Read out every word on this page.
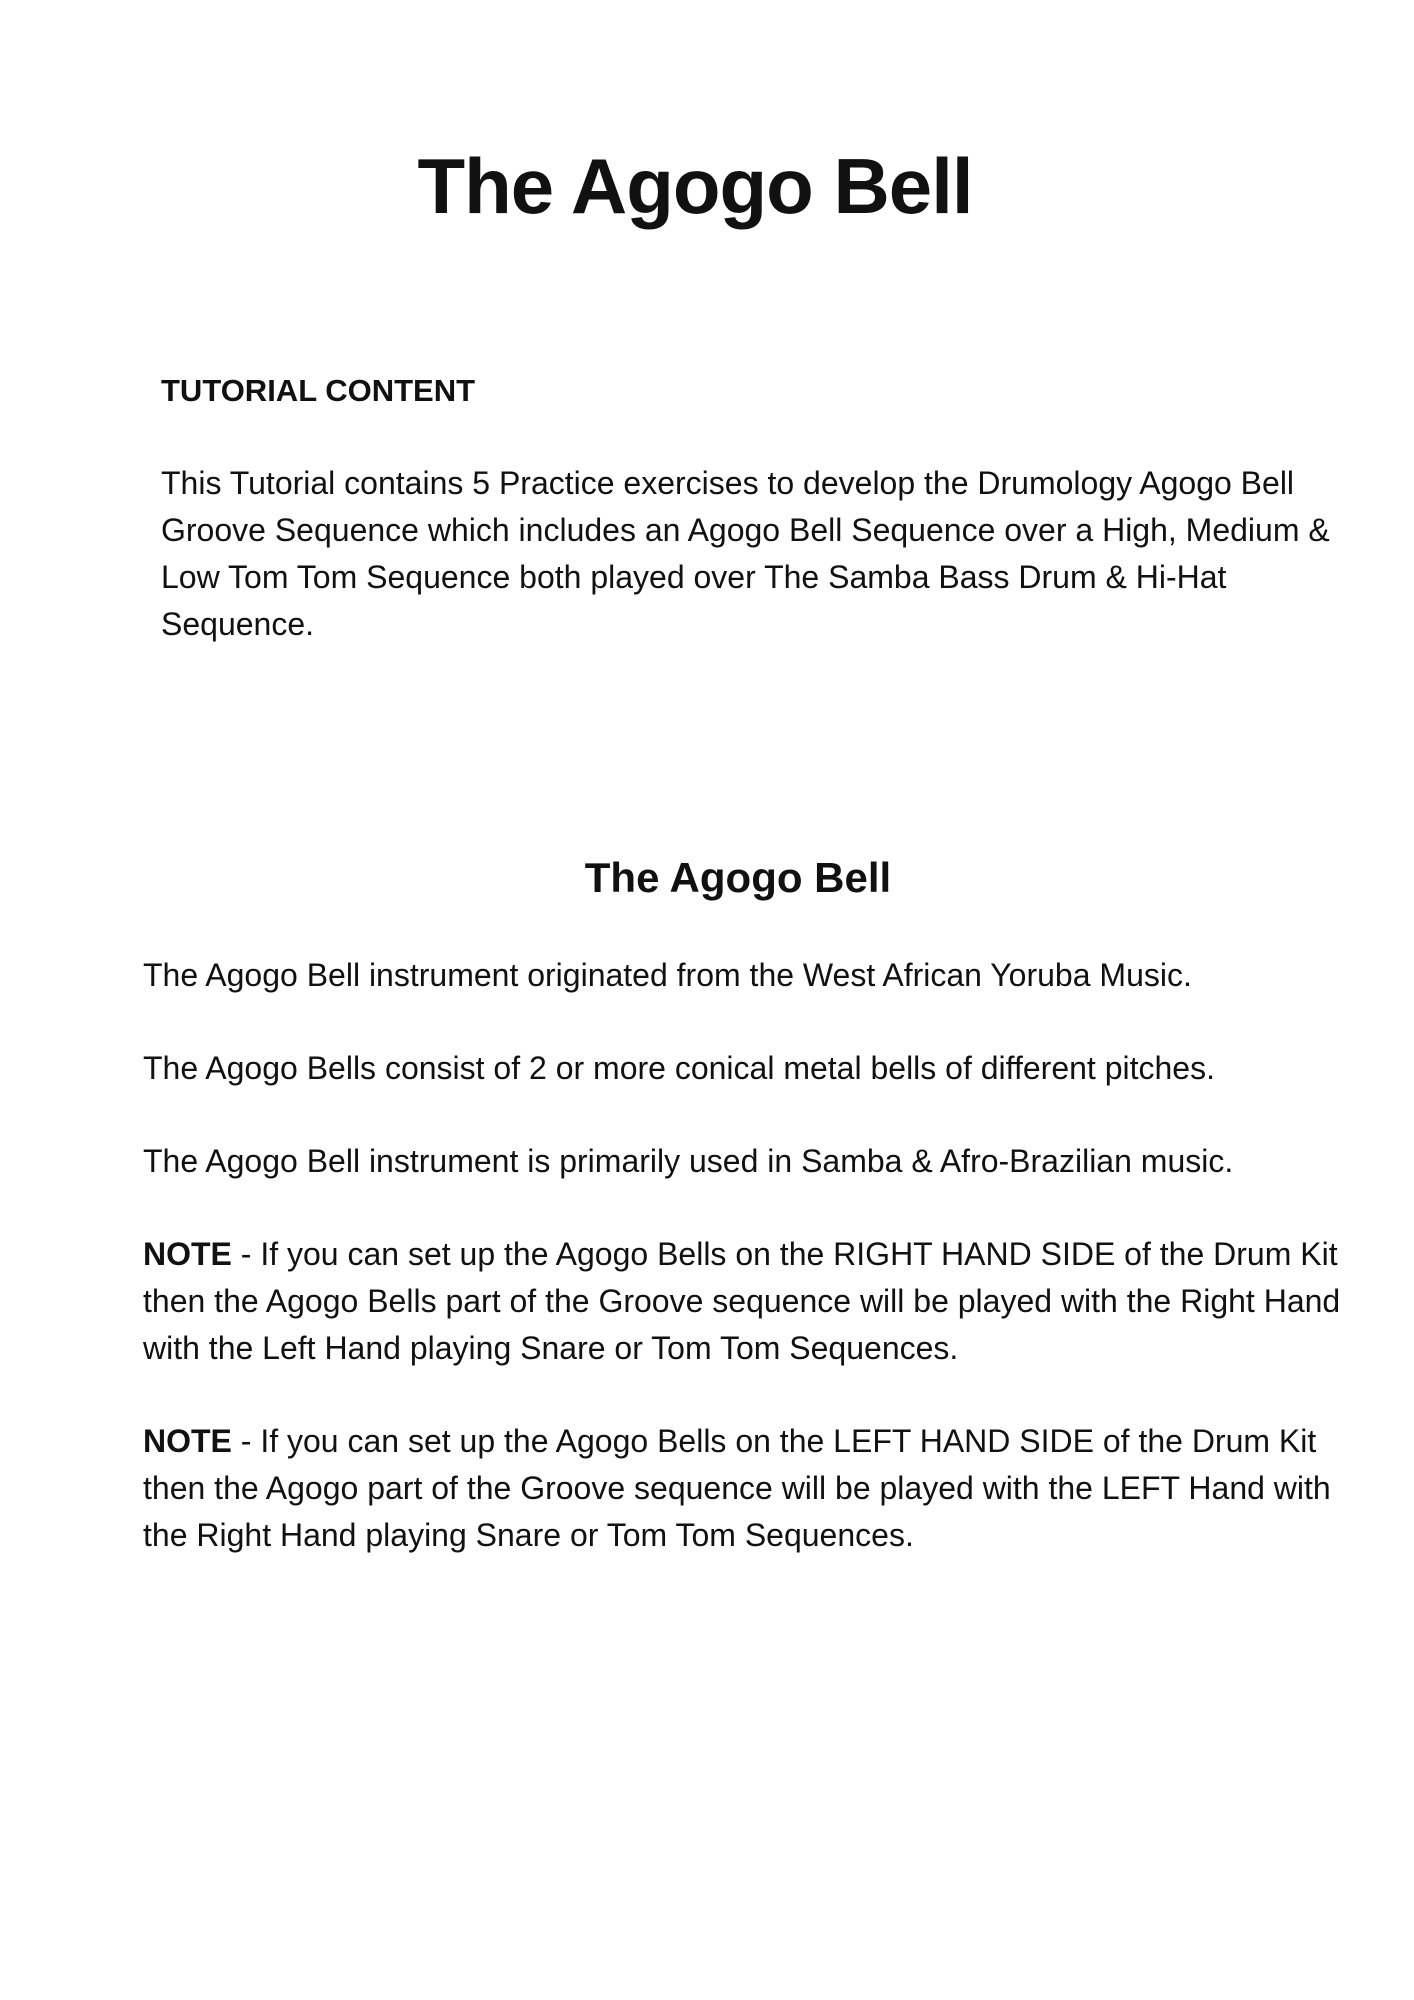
The Agogo Bell
TUTORIAL CONTENT

This Tutorial contains 5 Practice exercises to develop the Drumology Agogo Bell Groove Sequence which includes an Agogo Bell Sequence over a High, Medium & Low Tom Tom Sequence both played over The Samba Bass Drum & Hi-Hat Sequence.

The Agogo Bell

The Agogo Bell instrument originated from the West African Yoruba Music.

The Agogo Bells consist of 2 or more conical metal bells of different pitches.

The Agogo Bell instrument is primarily used in Samba & Afro-Brazilian music.

NOTE - If you can set up the Agogo Bells on the RIGHT HAND SIDE of the Drum Kit then the Agogo Bells part of the Groove sequence will be played with the Right Hand with the Left Hand playing Snare or Tom Tom Sequences.

NOTE - If you can set up the Agogo Bells on the LEFT HAND SIDE of the Drum Kit then the Agogo part of the Groove sequence will be played with the LEFT Hand with the Right Hand playing Snare or Tom Tom Sequences.
